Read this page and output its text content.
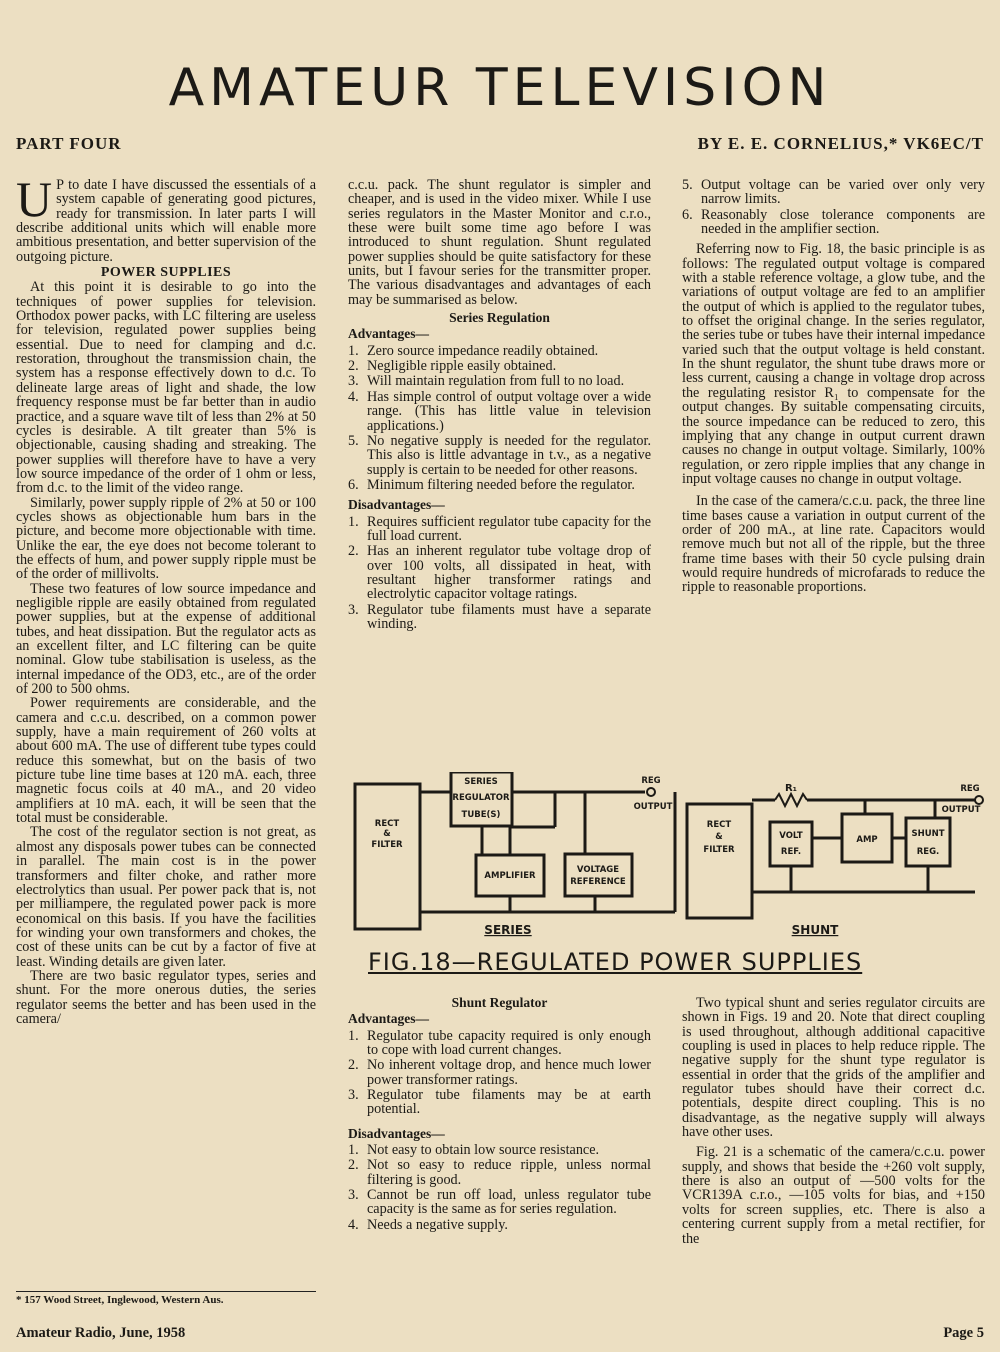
AMATEUR TELEVISION
PART FOUR	BY E. E. CORNELIUS,* VK6EC/T

U P to date I have discussed the essentials of a system capable of generating good pictures, ready for transmission. In later parts I will describe additional units which will enable more ambitious presentation, and better supervision of the outgoing picture.

POWER SUPPLIES

At this point it is desirable to go into the techniques of power supplies for television. Orthodox power packs, with LC filtering are useless for television, regulated power supplies being essential. Due to need for clamping and d.c. restoration, throughout the transmission chain, the system has a response effectively down to d.c. To delineate large areas of light and shade, the low frequency response must be far better than in audio practice, and a square wave tilt of less than 2% at 50 cycles is desirable. A tilt greater than 5% is objectionable, causing shading and streaking. The power supplies will therefore have to have a very low source impedance of the order of 1 ohm or less, from d.c. to the limit of the video range.

Similarly, power supply ripple of 2% at 50 or 100 cycles shows as objectionable hum bars in the picture, and become more objectionable with time. Unlike the ear, the eye does not become tolerant to the effects of hum, and power supply ripple must be of the order of millivolts.

These two features of low source impedance and negligible ripple are easily obtained from regulated power supplies, but at the expense of additional tubes, and heat dissipation. But the regulator acts as an excellent filter, and LC filtering can be quite nominal. Glow tube stabilisation is useless, as the internal impedance of the OD3, etc., are of the order of 200 to 500 ohms.

Power requirements are considerable, and the camera and c.c.u. described, on a common power supply, have a main requirement of 260 volts at about 600 mA. The use of different tube types could reduce this somewhat, but on the basis of two picture tube line time bases at 120 mA. each, three magnetic focus coils at 40 mA., and 20 video amplifiers at 10 mA. each, it will be seen that the total must be considerable.

The cost of the regulator section is not great, as almost any disposals power tubes can be connected in parallel. The main cost is in the power transformers and filter choke, and rather more electrolytics than usual. Per power pack that is, not per milliampere, the regulated power pack is more economical on this basis. If you have the facilities for winding your own transformers and chokes, the cost of these units can be cut by a factor of five at least. Winding details are given later.

There are two basic regulator types, series and shunt. For the more onerous duties, the series regulator seems the better and has been used in the camera/

* 157 Wood Street, Inglewood, Western Aus.

c.c.u. pack. The shunt regulator is simpler and cheaper, and is used in the video mixer. While I use series regulators in the Master Monitor and c.r.o., these were built some time ago before I was introduced to shunt regulation. Shunt regulated power supplies should be quite satisfactory for these units, but I favour series for the transmitter proper. The various disadvantages and advantages of each may be summarised as below.

Series Regulation
Advantages—
1. Zero source impedance readily obtained.
2. Negligible ripple easily obtained.
3. Will maintain regulation from full to no load.
4. Has simple control of output voltage over a wide range. (This has little value in television applications.)
5. No negative supply is needed for the regulator. This also is little advantage in t.v., as a negative supply is certain to be needed for other reasons.
6. Minimum filtering needed before the regulator.
Disadvantages—
1. Requires sufficient regulator tube capacity for the full load current.
2. Has an inherent regulator tube voltage drop of over 100 volts, all dissipated in heat, with resultant higher transformer ratings and electrolytic capacitor voltage ratings.
3. Regulator tube filaments must have a separate winding.
5. Output voltage can be varied over only very narrow limits.
6. Reasonably close tolerance components are needed in the amplifier section.

Referring now to Fig. 18, the basic principle is as follows: The regulated output voltage is compared with a stable reference voltage, a glow tube, and the variations of output voltage are fed to an amplifier the output of which is applied to the regulator tubes, to offset the original change. In the series regulator, the series tube or tubes have their internal impedance varied such that the output voltage is held constant. In the shunt regulator, the shunt tube draws more or less current, causing a change in voltage drop across the regulating resistor R₁ to compensate for the output changes. By suitable compensating circuits, the source impedance can be reduced to zero, this implying that any change in output current drawn causes no change in output voltage. Similarly, 100% regulation, or zero ripple implies that any change in input voltage causes no change in output voltage.

In the case of the camera/c.c.u. pack, the three line time bases cause a variation in output current of the order of 200 mA., at line rate. Capacitors would remove much but not all of the ripple, but the three frame time bases with their 50 cycle pulsing drain would require hundreds of microfarads to reduce the ripple to reasonable proportions.

RECT
&
FILTER
SERIES
REGULATOR
TUBE(S)
AMPLIFIER
VOLTAGE
REFERENCE
REG
OUTPUT
RECT
&
FILTER
R₁
VOLT
REF.
AMP
SHUNT
REG.
REG
OUTPUT
SERIES	SHUNT
FIG.18—REGULATED POWER SUPPLIES
Shunt Regulator
Advantages—
1. Regulator tube capacity required is only enough to cope with load current changes.
2. No inherent voltage drop, and hence much lower power transformer ratings.
3. Regulator tube filaments may be at earth potential.
Disadvantages—
1. Not easy to obtain low source resistance.
2. Not so easy to reduce ripple, unless normal filtering is good.
3. Cannot be run off load, unless regulator tube capacity is the same as for series regulation.
4. Needs a negative supply.

Two typical shunt and series regulator circuits are shown in Figs. 19 and 20. Note that direct coupling is used throughout, although additional capacitive coupling is used in places to help reduce ripple. The negative supply for the shunt type regulator is essential in order that the grids of the amplifier and regulator tubes should have their correct d.c. potentials, despite direct coupling. This is no disadvantage, as the negative supply will always have other uses.

Fig. 21 is a schematic of the camera/c.c.u. power supply, and shows that beside the +260 volt supply, there is also an output of —500 volts for the VCR139A c.r.o., —105 volts for bias, and +150 volts for screen supplies, etc. There is also a centering current supply from a metal rectifier, for the

Amateur Radio, June, 1958	Page 5
